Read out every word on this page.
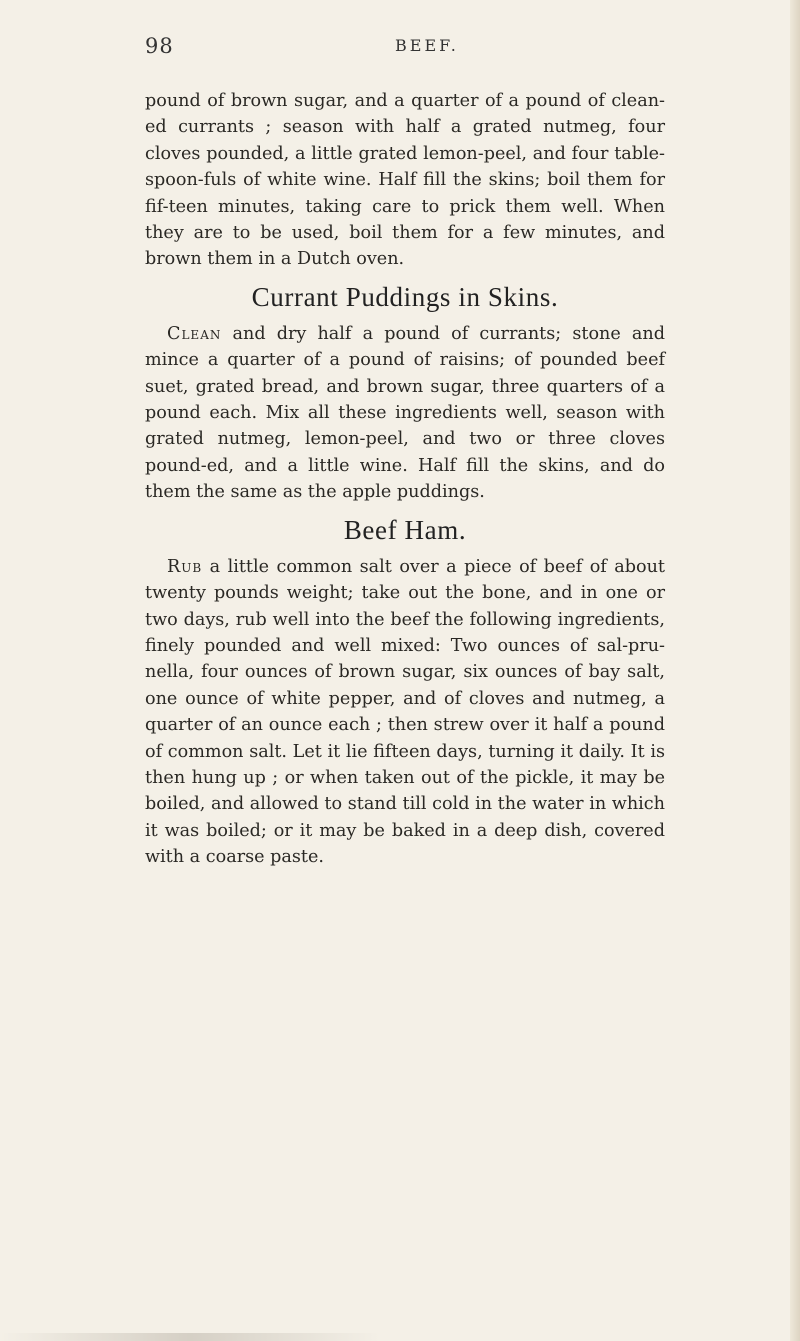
98	BEEF.

pound of brown sugar, and a quarter of a pound of clean-ed currants ; season with half a grated nutmeg, four cloves pounded, a little grated lemon-peel, and four table-spoon-fuls of white wine. Half fill the skins; boil them for fif-teen minutes, taking care to prick them well. When they are to be used, boil them for a few minutes, and brown them in a Dutch oven.

Currant Puddings in Skins.

Clean and dry half a pound of currants; stone and mince a quarter of a pound of raisins; of pounded beef suet, grated bread, and brown sugar, three quarters of a pound each. Mix all these ingredients well, season with grated nutmeg, lemon-peel, and two or three cloves pound-ed, and a little wine. Half fill the skins, and do them the same as the apple puddings.

Beef Ham.

Rub a little common salt over a piece of beef of about twenty pounds weight; take out the bone, and in one or two days, rub well into the beef the following ingredients, finely pounded and well mixed: Two ounces of sal-pru-nella, four ounces of brown sugar, six ounces of bay salt, one ounce of white pepper, and of cloves and nutmeg, a quarter of an ounce each ; then strew over it half a pound of common salt. Let it lie fifteen days, turning it daily. It is then hung up ; or when taken out of the pickle, it may be boiled, and allowed to stand till cold in the water in which it was boiled; or it may be baked in a deep dish, covered with a coarse paste.
